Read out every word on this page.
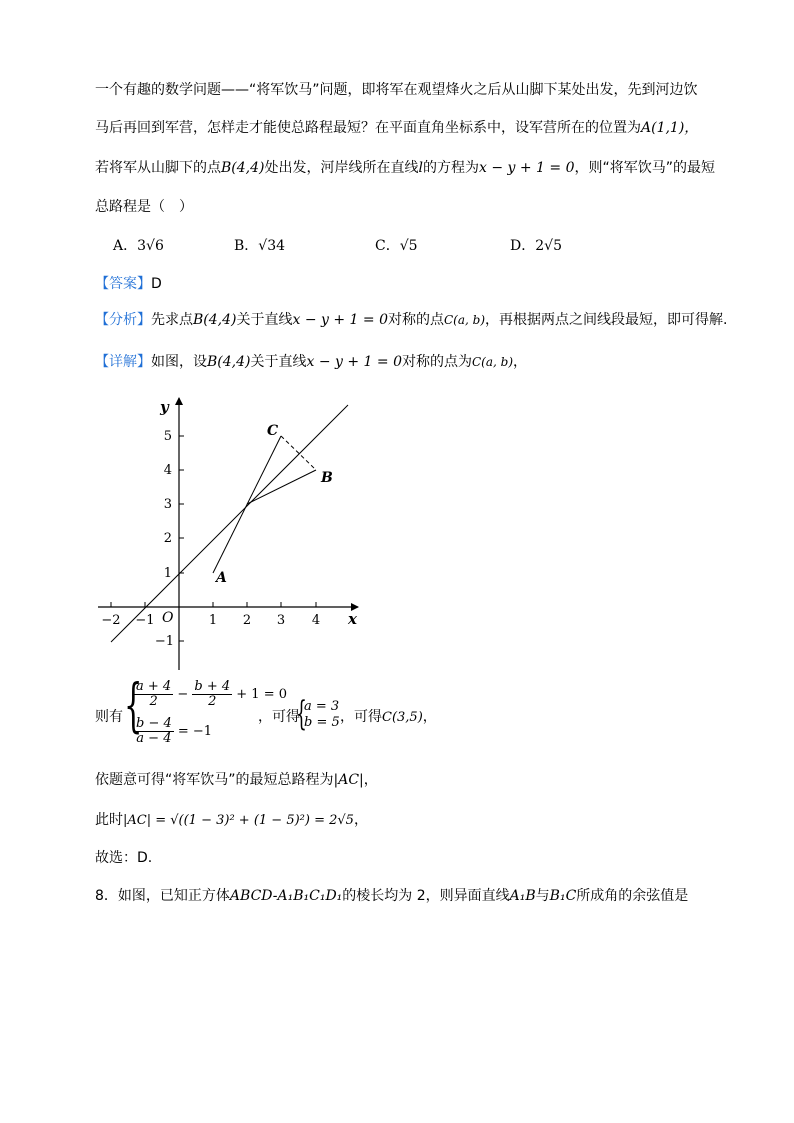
一个有趣的数学问题——“将军饮马”问题，即将军在观望烽火之后从山脚下某处出发，先到河边饮
马后再回到军营，怎样走才能使总路程最短？在平面直角坐标系中，设军营所在的位置为A(1,1)，
若将军从山脚下的点B(4,4)处出发，河岸线所在直线l的方程为x − y + 1 = 0，则“将军饮马”的最短
总路程是（　）
A．3√6	B．√34	C．√5	D．2√5
【答案】D
【分析】先求点B(4,4)关于直线x − y + 1 = 0对称的点C(a, b)，再根据两点之间线段最短，即可得解.
【详解】如图，设B(4,4)关于直线x − y + 1 = 0对称的点为C(a, b)，
−2 −1	1 2 3 4
5
4
3
2
1
−1
O	x
y
A
B
C
则有 {
$\frac{a + 4}{2} - \frac{b + 4}{2} + 1 = 0$
$\frac{b - 4}{a - 4} = -1$
，可得
{
a = 3
b = 5 ，可得C(3,5)，
依题意可得“将军饮马”的最短总路程为|AC|，
此时|AC| = √((1 − 3)² + (1 − 5)²) = 2√5，
故选：D.
8．如图，已知正方体ABCD-A₁B₁C₁D₁的棱长均为 2，则异面直线A₁B与B₁C所成角的余弦值是
